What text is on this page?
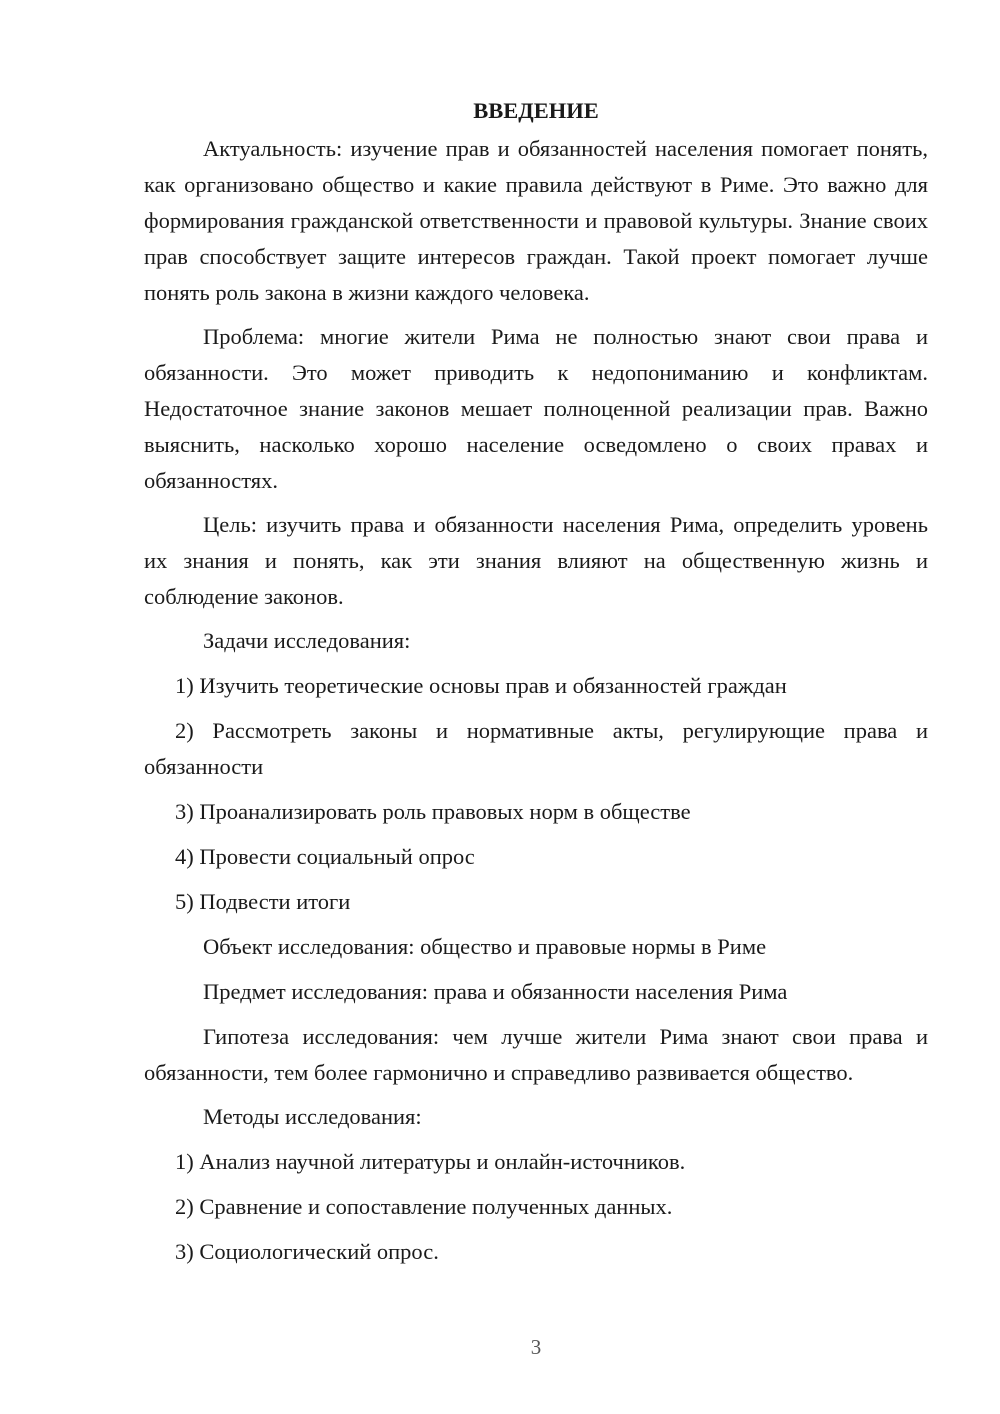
ВВЕДЕНИЕ

Актуальность: изучение прав и обязанностей населения помогает понять, как организовано общество и какие правила действуют в Риме. Это важно для формирования гражданской ответственности и правовой культуры. Знание своих прав способствует защите интересов граждан. Такой проект помогает лучше понять роль закона в жизни каждого человека.

Проблема: многие жители Рима не полностью знают свои права и обязанности. Это может приводить к недопониманию и конфликтам. Недостаточное знание законов мешает полноценной реализации прав. Важно выяснить, насколько хорошо население осведомлено о своих правах и обязанностях.

Цель: изучить права и обязанности населения Рима, определить уровень их знания и понять, как эти знания влияют на общественную жизнь и соблюдение законов.

Задачи исследования:

1) Изучить теоретические основы прав и обязанностей граждан

2) Рассмотреть законы и нормативные акты, регулирующие права и обязанности

3) Проанализировать роль правовых норм в обществе

4) Провести социальный опрос

5) Подвести итоги

Объект исследования: общество и правовые нормы в Риме

Предмет исследования: права и обязанности населения Рима

Гипотеза исследования: чем лучше жители Рима знают свои права и обязанности, тем более гармонично и справедливо развивается общество.

Методы исследования:

1) Анализ научной литературы и онлайн-источников.

2) Сравнение и сопоставление полученных данных.

3) Социологический опрос.

3
